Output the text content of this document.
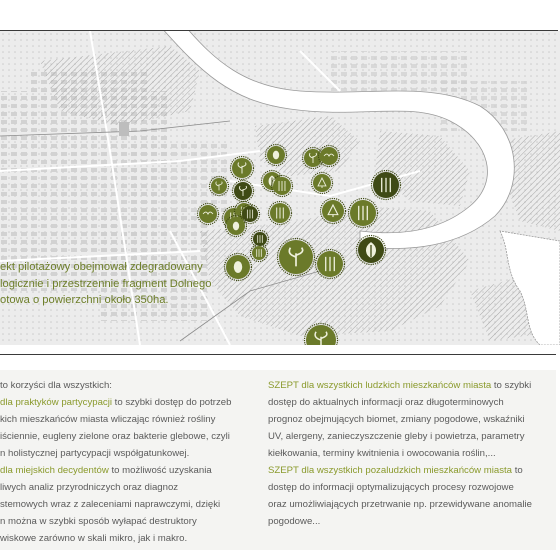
ekt pilotażowy obejmował zdegradowany
logicznie i przestrzennie fragment Dolnego
otowa o powierzchni około 350ha.
to korzyści dla wszystkich:
dla praktyków partycypacji to szybki dostęp do potrzeb
kich mieszkańców miasta wliczając również rośliny
iściennie, eugleny zielone oraz bakterie glebowe, czyli
n holistycznej partycypacji współgatunkowej.
dla miejskich decydentów to możliwość uzyskania
liwych analiz przyrodniczych oraz diagnoz
stemowych wraz z zaleceniami naprawczymi, dzięki
n można w szybki sposób wyłapać destruktory
wiskowe zarówno w skali mikro, jak i makro.
SZEPT dla wszystkich ludzkich mieszkańców miasta to szybki
dostęp do aktualnych informacji oraz długoterminowych
prognoz obejmujących biomet, zmiany pogodowe, wskaźniki
UV, alergeny, zanieczyszczenie gleby i powietrza, parametry
kiełkowania, terminy kwitnienia i owocowania roślin,...
SZEPT dla wszystkich pozaludzkich mieszkańców miasta to
dostęp do informacji optymalizujących procesy rozwojowe
oraz umożliwiających przetrwanie np. przewidywane anomalie
pogodowe...
